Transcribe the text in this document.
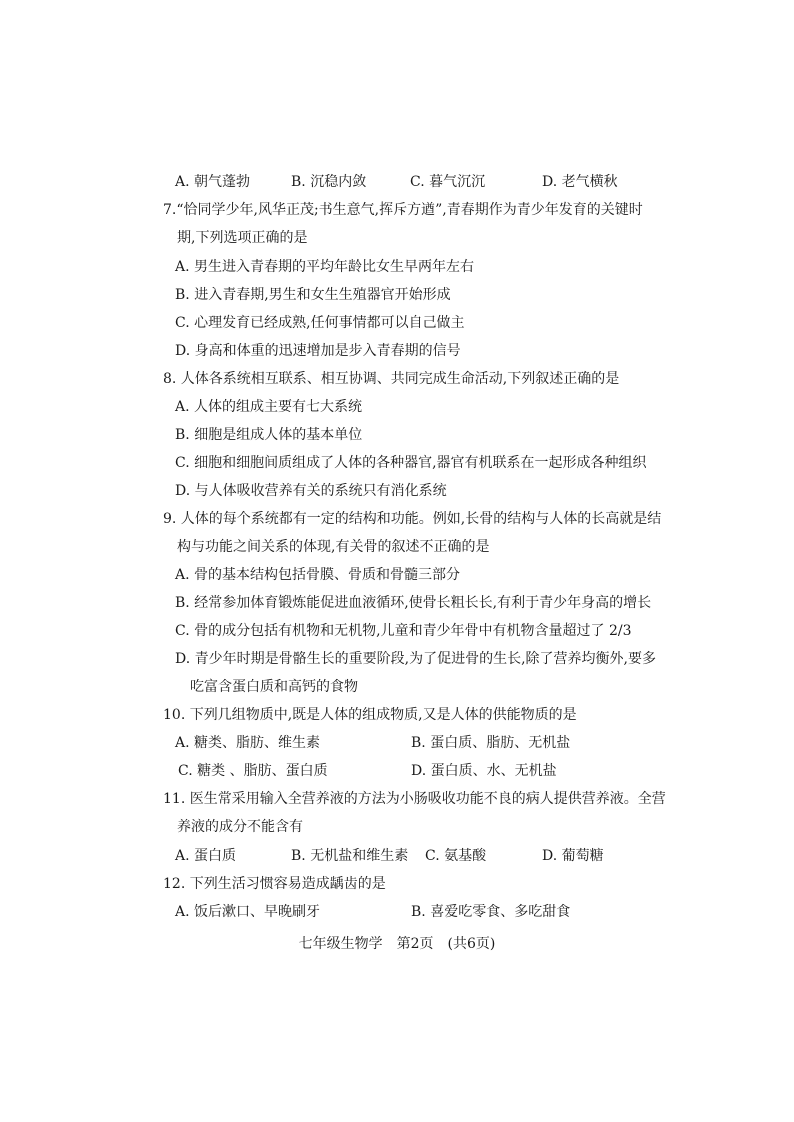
A. 朝气蓬勃	B. 沉稳内敛	C. 暮气沉沉	D. 老气横秋
7.“恰同学少年,风华正茂;书生意气,挥斥方遒”,青春期作为青少年发育的关键时
期,下列选项正确的是
A. 男生进入青春期的平均年龄比女生早两年左右
B. 进入青春期,男生和女生生殖器官开始形成
C. 心理发育已经成熟,任何事情都可以自己做主
D. 身高和体重的迅速增加是步入青春期的信号
8. 人体各系统相互联系、相互协调、共同完成生命活动,下列叙述正确的是
A. 人体的组成主要有七大系统
B. 细胞是组成人体的基本单位
C. 细胞和细胞间质组成了人体的各种器官,器官有机联系在一起形成各种组织
D. 与人体吸收营养有关的系统只有消化系统
9. 人体的每个系统都有一定的结构和功能。例如,长骨的结构与人体的长高就是结
构与功能之间关系的体现,有关骨的叙述不正确的是
A. 骨的基本结构包括骨膜、骨质和骨髓三部分
B. 经常参加体育锻炼能促进血液循环,使骨长粗长长,有利于青少年身高的增长
C. 骨的成分包括有机物和无机物,儿童和青少年骨中有机物含量超过了 2/3
D. 青少年时期是骨骼生长的重要阶段,为了促进骨的生长,除了营养均衡外,要多
吃富含蛋白质和高钙的食物
10. 下列几组物质中,既是人体的组成物质,又是人体的供能物质的是
A. 糖类、脂肪、维生素	B. 蛋白质、脂肪、无机盐
C. 糖类 、脂肪、蛋白质	D. 蛋白质、水、无机盐
11. 医生常采用输入全营养液的方法为小肠吸收功能不良的病人提供营养液。全营
养液的成分不能含有
A. 蛋白质	B. 无机盐和维生素 C. 氨基酸	D. 葡萄糖
12. 下列生活习惯容易造成龋齿的是
A. 饭后漱口、早晚刷牙	B. 喜爱吃零食、多吃甜食
七年级生物学　第2页　(共6页)
